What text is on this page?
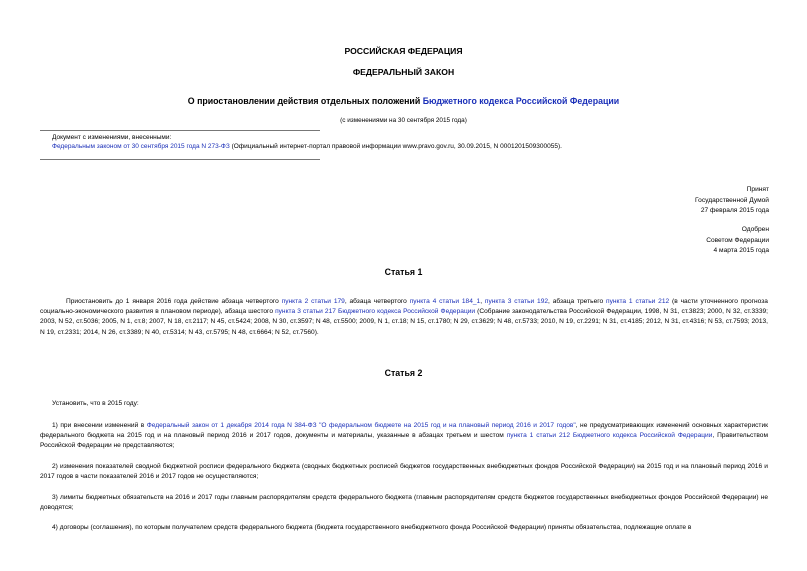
РОССИЙСКАЯ ФЕДЕРАЦИЯ
ФЕДЕРАЛЬНЫЙ ЗАКОН
О приостановлении действия отдельных положений Бюджетного кодекса Российской Федерации
(с изменениями на 30 сентября 2015 года)
Документ с изменениями, внесенными:
Федеральным законом от 30 сентября 2015 года N 273-ФЗ (Официальный интернет-портал правовой информации www.pravo.gov.ru, 30.09.2015, N 0001201509300055).
Принят
Государственной Думой
27 февраля 2015 года
Одобрен
Советом Федерации
4 марта 2015 года
Статья 1
Приостановить до 1 января 2016 года действие абзаца четвертого пункта 2 статьи 179, абзаца четвертого пункта 4 статьи 184_1, пункта 3 статьи 192, абзаца третьего пункта 1 статьи 212 (в части уточненного прогноза социально-экономического развития в плановом периоде), абзаца шестого пункта 3 статьи 217 Бюджетного кодекса Российской Федерации (Собрание законодательства Российской Федерации, 1998, N 31, ст.3823; 2000, N 32, ст.3339; 2003, N 52, ст.5036; 2005, N 1, ст.8; 2007, N 18, ст.2117; N 45, ст.5424; 2008, N 30, ст.3597; N 48, ст.5500; 2009, N 1, ст.18; N 15, ст.1780; N 29, ст.3629; N 48, ст.5733; 2010, N 19, ст.2291; N 31, ст.4185; 2012, N 31, ст.4316; N 53, ст.7593; 2013, N 19, ст.2331; 2014, N 26, ст.3389; N 40, ст.5314; N 43, ст.5795; N 48, ст.6664; N 52, ст.7560).
Статья 2
Установить, что в 2015 году:
1) при внесении изменений в Федеральный закон от 1 декабря 2014 года N 384-ФЗ "О федеральном бюджете на 2015 год и на плановый период 2016 и 2017 годов", не предусматривающих изменений основных характеристик федерального бюджета на 2015 год и на плановый период 2016 и 2017 годов, документы и материалы, указанные в абзацах третьем и шестом пункта 1 статьи 212 Бюджетного кодекса Российской Федерации, Правительством Российской Федерации не представляются;
2) изменения показателей сводной бюджетной росписи федерального бюджета (сводных бюджетных росписей бюджетов государственных внебюджетных фондов Российской Федерации) на 2015 год и на плановый период 2016 и 2017 годов в части показателей 2016 и 2017 годов не осуществляются;
3) лимиты бюджетных обязательств на 2016 и 2017 годы главным распорядителям средств федерального бюджета (главным распорядителям средств бюджетов государственных внебюджетных фондов Российской Федерации) не доводятся;
4) договоры (соглашения), по которым получателем средств федерального бюджета (бюджета государственного внебюджетного фонда Российской Федерации) приняты обязательства, подлежащие оплате в
